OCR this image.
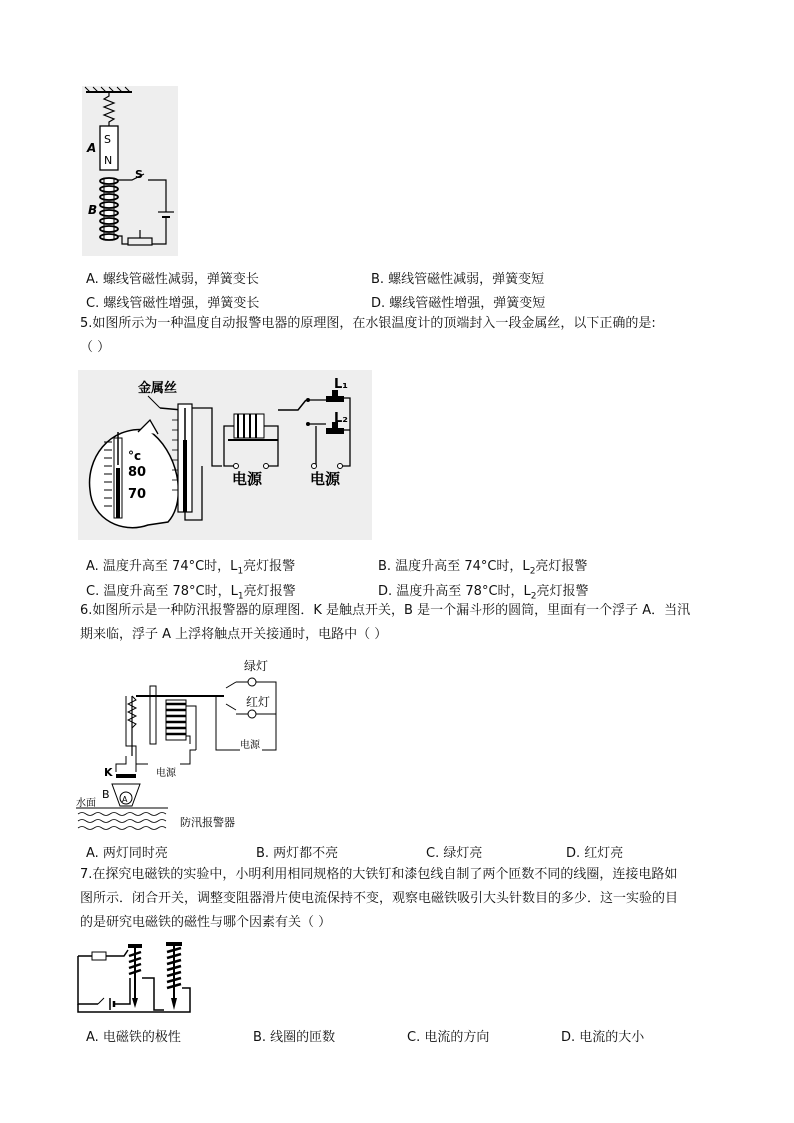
S
N
A
B
S
A. 螺线管磁性减弱，弹簧变长	B. 螺线管磁性减弱，弹簧变短
C. 螺线管磁性增强，弹簧变长	D. 螺线管磁性增强，弹簧变短
5.如图所示为一种温度自动报警电器的原理图，在水银温度计的顶端封入一段金属丝，以下正确的是:
（ ）
金属丝
°c
80
70
L₁
L₂
电源	电源
A. 温度升高至 74°C时，$L_1$亮灯报警	B. 温度升高至 74°C时，$L_2$亮灯报警
C. 温度升高至 78°C时，$L_1$亮灯报警	D. 温度升高至 78°C时，$L_2$亮灯报警
6.如图所示是一种防汛报警器的原理图．K 是触点开关，B 是一个漏斗形的圆筒，里面有一个浮子 A．当汛
期来临，浮子 A 上浮将触点开关接通时，电路中（ ）
绿灯
红灯
电源
电源
K
B A
水面
防汛报警器
A. 两灯同时亮	B. 两灯都不亮	C. 绿灯亮	D. 红灯亮
7.在探究电磁铁的实验中，小明利用相同规格的大铁钉和漆包线自制了两个匝数不同的线圈，连接电路如
图所示．闭合开关，调整变阻器滑片使电流保持不变，观察电磁铁吸引大头针数目的多少．这一实验的目
的是研究电磁铁的磁性与哪个因素有关（ ）
A. 电磁铁的极性	B. 线圈的匝数	C. 电流的方向	D. 电流的大小
